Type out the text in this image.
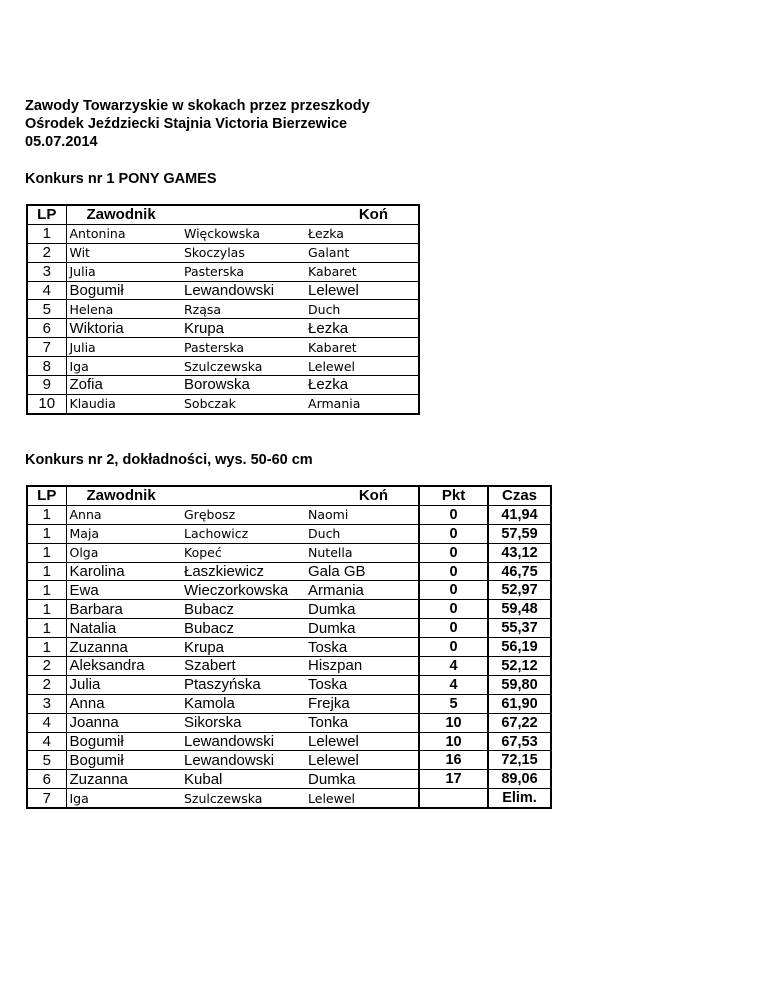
Zawody Towarzyskie w skokach przez przeszkody
Ośrodek Jeździecki Stajnia Victoria Bierzewice
05.07.2014
Konkurs nr 1 PONY GAMES
LP	Zawodnik		Koń
1	Antonina	Więckowska	Łezka
2	Wit	Skoczylas	Galant
3	Julia	Pasterska	Kabaret
4	Bogumił	Lewandowski	Lelewel
5	Helena	Rząsa	Duch
6	Wiktoria	Krupa	Łezka
7	Julia	Pasterska	Kabaret
8	Iga	Szulczewska	Lelewel
9	Zofia	Borowska	Łezka
10	Klaudia	Sobczak	Armania
Konkurs nr 2, dokładności, wys. 50-60 cm
LP	Zawodnik		Koń	Pkt	Czas
1	Anna	Grębosz	Naomi	0	41,94
1	Maja	Lachowicz	Duch	0	57,59
1	Olga	Kopeć	Nutella	0	43,12
1	Karolina	Łaszkiewicz	Gala GB	0	46,75
1	Ewa	Wieczorkowska	Armania	0	52,97
1	Barbara	Bubacz	Dumka	0	59,48
1	Natalia	Bubacz	Dumka	0	55,37
1	Zuzanna	Krupa	Toska	0	56,19
2	Aleksandra	Szabert	Hiszpan	4	52,12
2	Julia	Ptaszyńska	Toska	4	59,80
3	Anna	Kamola	Frejka	5	61,90
4	Joanna	Sikorska	Tonka	10	67,22
4	Bogumił	Lewandowski	Lelewel	10	67,53
5	Bogumił	Lewandowski	Lelewel	16	72,15
6	Zuzanna	Kubal	Dumka	17	89,06
7	Iga	Szulczewska	Lelewel		Elim.
